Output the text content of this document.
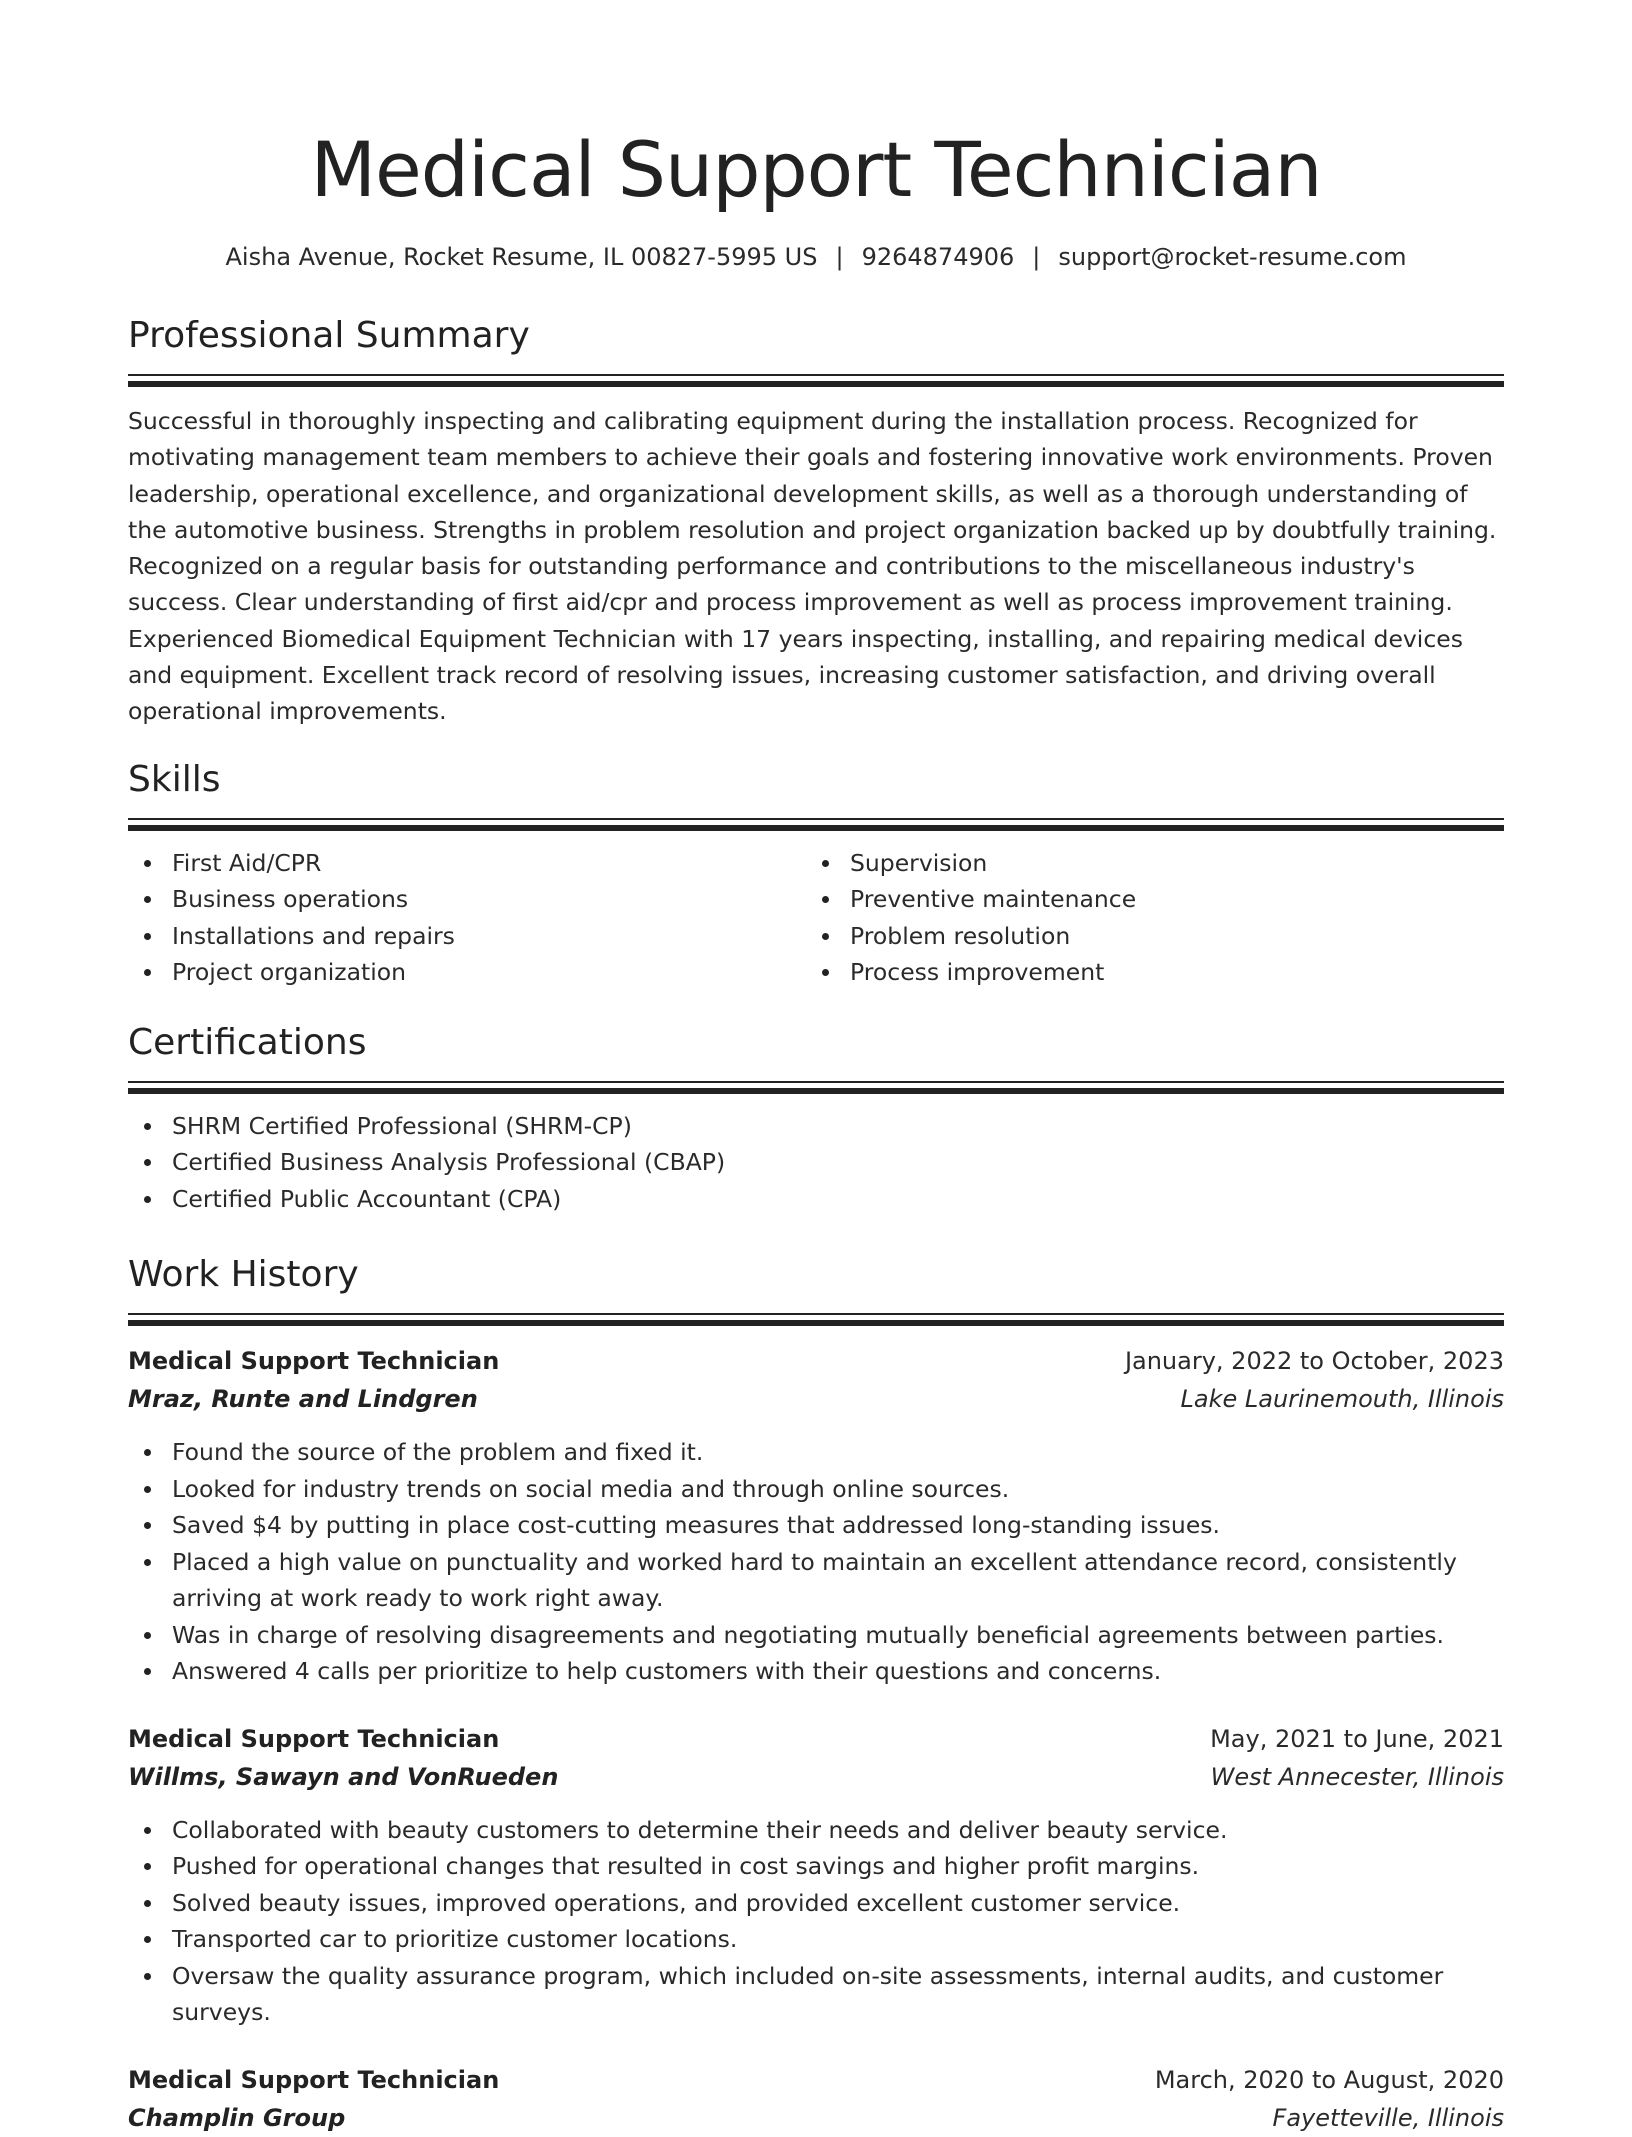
Medical Support Technician
Aisha Avenue, Rocket Resume, IL 00827-5995 US | 9264874906 | support@rocket-resume.com
Professional Summary
Successful in thoroughly inspecting and calibrating equipment during the installation process. Recognized for motivating management team members to achieve their goals and fostering innovative work environments. Proven leadership, operational excellence, and organizational development skills, as well as a thorough understanding of the automotive business. Strengths in problem resolution and project organization backed up by doubtfully training. Recognized on a regular basis for outstanding performance and contributions to the miscellaneous industry's success. Clear understanding of first aid/cpr and process improvement as well as process improvement training. Experienced Biomedical Equipment Technician with 17 years inspecting, installing, and repairing medical devices and equipment. Excellent track record of resolving issues, increasing customer satisfaction, and driving overall operational improvements.
Skills
First Aid/CPR
Business operations
Installations and repairs
Project organization
Supervision
Preventive maintenance
Problem resolution
Process improvement
Certifications
SHRM Certified Professional (SHRM-CP)
Certified Business Analysis Professional (CBAP)
Certified Public Accountant (CPA)
Work History
Medical Support Technician	January, 2022 to October, 2023
Mraz, Runte and Lindgren	Lake Laurinemouth, Illinois
Found the source of the problem and fixed it.
Looked for industry trends on social media and through online sources.
Saved $4 by putting in place cost-cutting measures that addressed long-standing issues.
Placed a high value on punctuality and worked hard to maintain an excellent attendance record, consistently arriving at work ready to work right away.
Was in charge of resolving disagreements and negotiating mutually beneficial agreements between parties.
Answered 4 calls per prioritize to help customers with their questions and concerns.
Medical Support Technician	May, 2021 to June, 2021
Willms, Sawayn and VonRueden	West Annecester, Illinois
Collaborated with beauty customers to determine their needs and deliver beauty service.
Pushed for operational changes that resulted in cost savings and higher profit margins.
Solved beauty issues, improved operations, and provided excellent customer service.
Transported car to prioritize customer locations.
Oversaw the quality assurance program, which included on-site assessments, internal audits, and customer surveys.
Medical Support Technician	March, 2020 to August, 2020
Champlin Group	Fayetteville, Illinois
